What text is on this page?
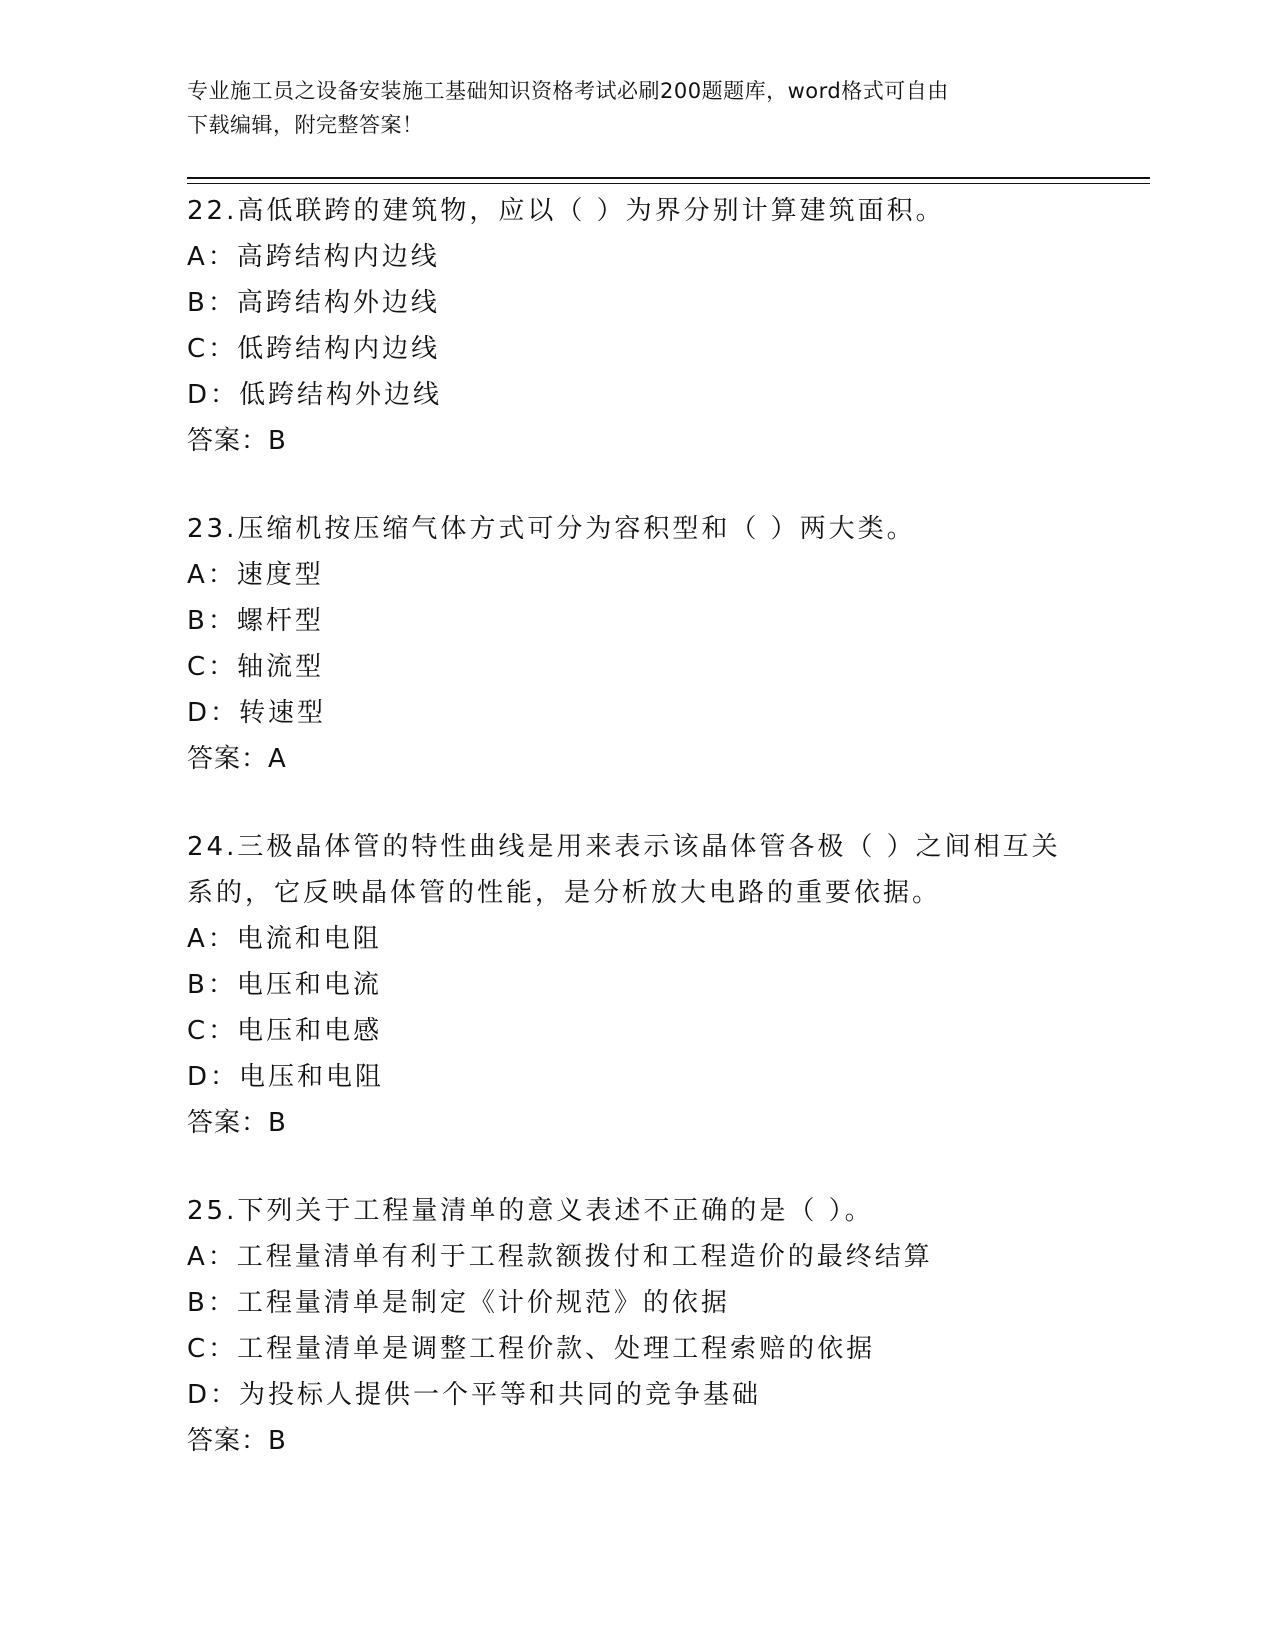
专业施工员之设备安装施工基础知识资格考试必刷200题题库，word格式可自由
下载编辑，附完整答案！
22.高低联跨的建筑物，应以（ ）为界分别计算建筑面积。
A：高跨结构内边线
B：高跨结构外边线
C：低跨结构内边线
D：低跨结构外边线
答案：B
23.压缩机按压缩气体方式可分为容积型和（ ）两大类。
A：速度型
B：螺杆型
C：轴流型
D：转速型
答案：A
24.三极晶体管的特性曲线是用来表示该晶体管各极（ ）之间相互关
系的，它反映晶体管的性能，是分析放大电路的重要依据。
A：电流和电阻
B：电压和电流
C：电压和电感
D：电压和电阻
答案：B
25.下列关于工程量清单的意义表述不正确的是（ ）。
A：工程量清单有利于工程款额拨付和工程造价的最终结算
B：工程量清单是制定《计价规范》的依据
C：工程量清单是调整工程价款、处理工程索赔的依据
D：为投标人提供一个平等和共同的竞争基础
答案：B
